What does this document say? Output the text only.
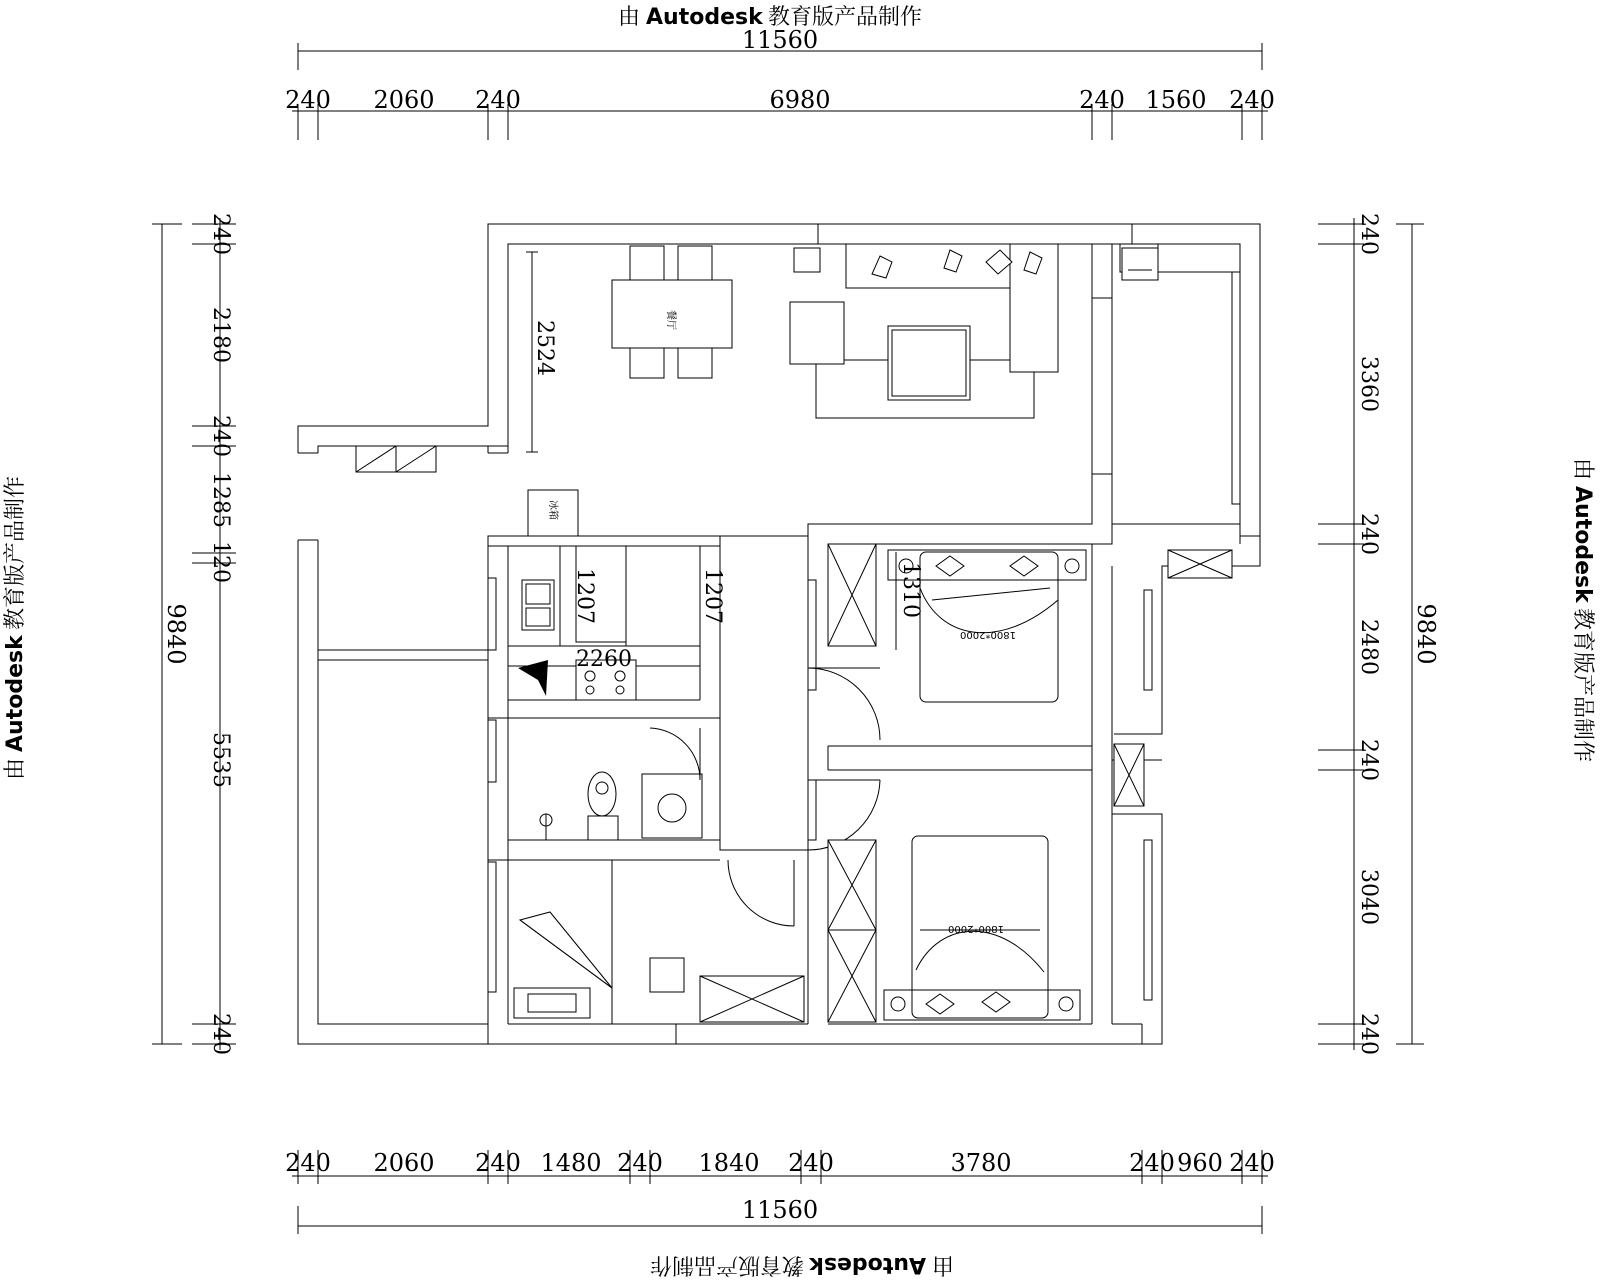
由 Autodesk 教育版产品制作
由
Autodesk
教育版产品制作
由
Autodesk
教育版产品制作
由
Autodesk
教育版产品制作
11560
240 2060 240	6980	240 1560 240
240 2060 240 1480 240 1840 240	3780	240 960 240
11560
9840
240
2180
240
1285
120
5535
240
240
3360
240
2480
240
3040
240
9840
餐厅
2524
冰箱
1207	1207
2260
1800*2000
1310
1800*2000
